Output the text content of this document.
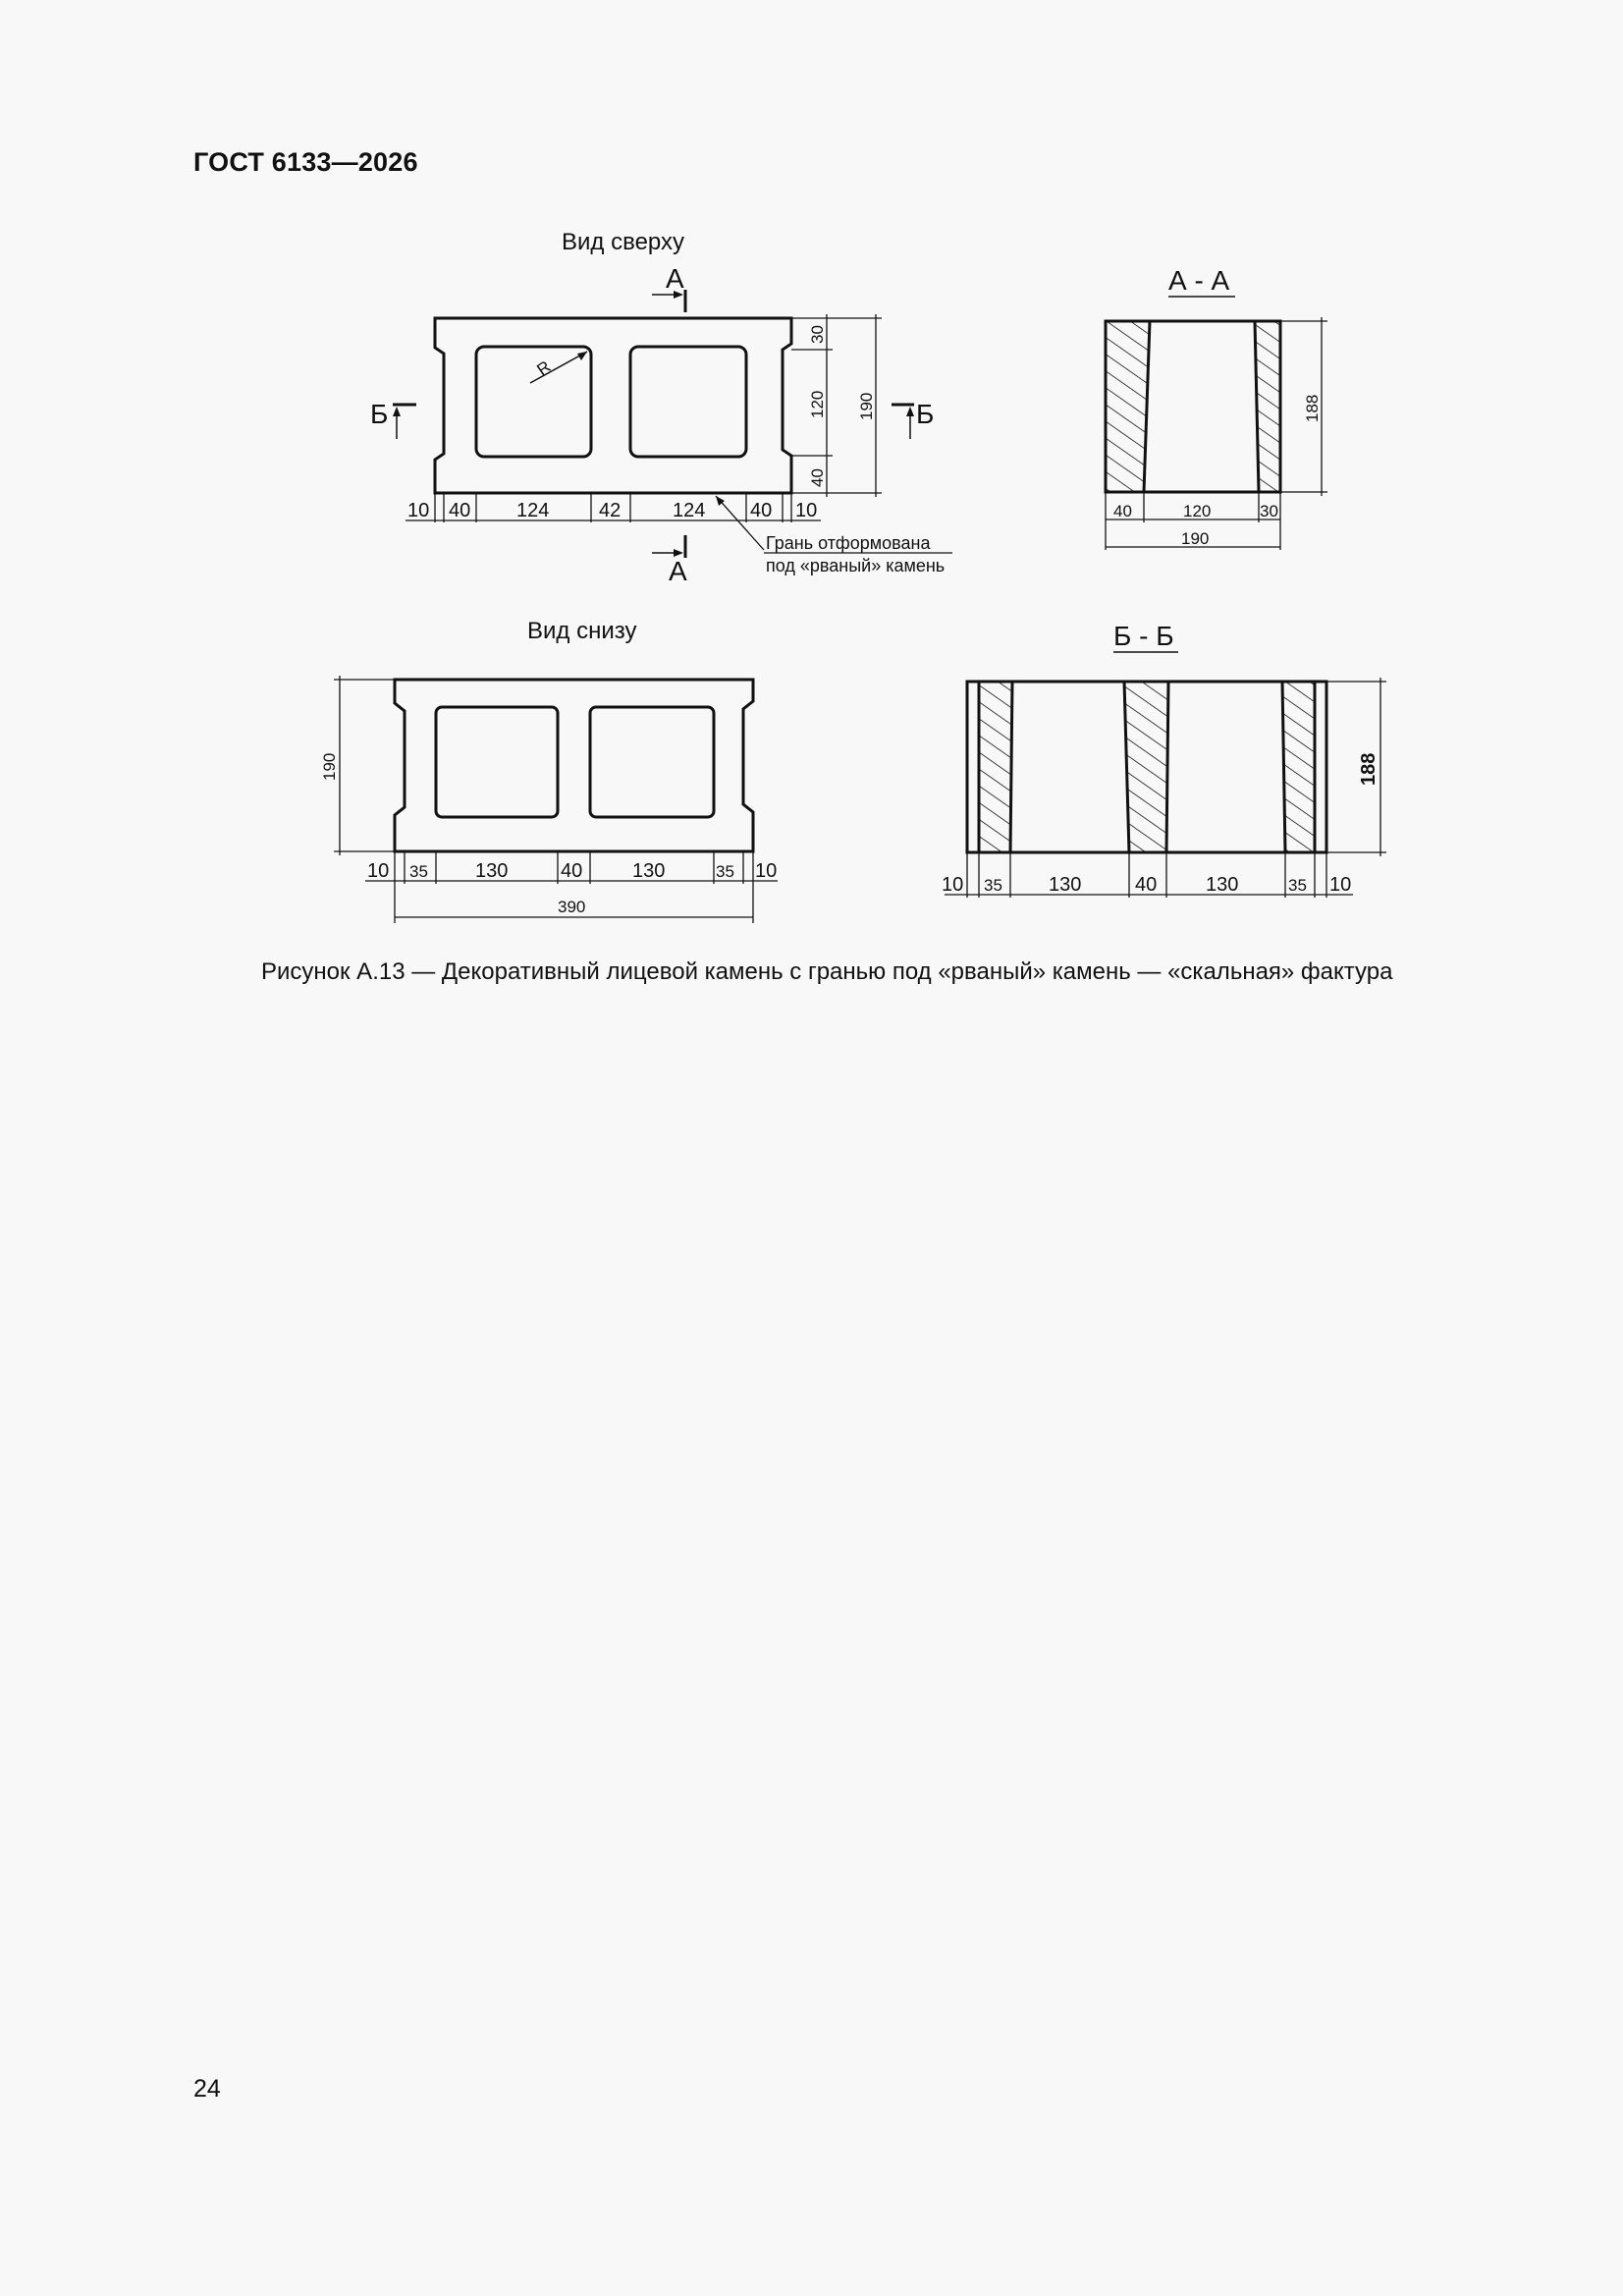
ГОСТ 6133—2026
Вид сверху
R
А
А
Б	Б
10 40 124	42	124 40 10
30
120
40
190
Грань отформована
под «рваный» камень
А - А
40	120	30
190
188
Вид снизу
190
10 35 130	40	130	35 10
390
Б - Б
10 35 130	40 130	35 10
188
Рисунок А.13 — Декоративный лицевой камень с гранью под «рваный» камень — «скальная» фактура
24
